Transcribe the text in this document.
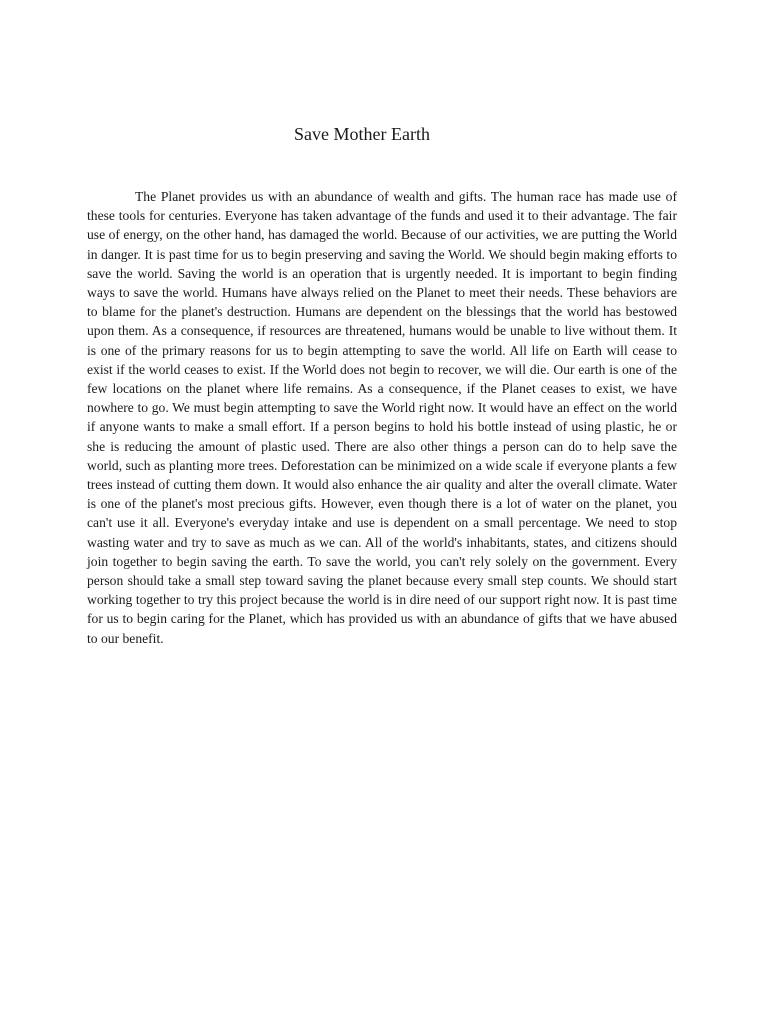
Save Mother Earth

The Planet provides us with an abundance of wealth and gifts. The human race has made use of these tools for centuries. Everyone has taken advantage of the funds and used it to their advantage. The fair use of energy, on the other hand, has damaged the world. Because of our activities, we are putting the World in danger. It is past time for us to begin preserving and saving the World. We should begin making efforts to save the world. Saving the world is an operation that is urgently needed. It is important to begin finding ways to save the world. Humans have always relied on the Planet to meet their needs. These behaviors are to blame for the planet's destruction. Humans are dependent on the blessings that the world has bestowed upon them. As a consequence, if resources are threatened, humans would be unable to live without them. It is one of the primary reasons for us to begin attempting to save the world. All life on Earth will cease to exist if the world ceases to exist. If the World does not begin to recover, we will die. Our earth is one of the few locations on the planet where life remains. As a consequence, if the Planet ceases to exist, we have nowhere to go. We must begin attempting to save the World right now. It would have an effect on the world if anyone wants to make a small effort. If a person begins to hold his bottle instead of using plastic, he or she is reducing the amount of plastic used. There are also other things a person can do to help save the world, such as planting more trees. Deforestation can be minimized on a wide scale if everyone plants a few trees instead of cutting them down. It would also enhance the air quality and alter the overall climate. Water is one of the planet's most precious gifts. However, even though there is a lot of water on the planet, you can't use it all. Everyone's everyday intake and use is dependent on a small percentage. We need to stop wasting water and try to save as much as we can. All of the world's inhabitants, states, and citizens should join together to begin saving the earth. To save the world, you can't rely solely on the government. Every person should take a small step toward saving the planet because every small step counts. We should start working together to try this project because the world is in dire need of our support right now. It is past time for us to begin caring for the Planet, which has provided us with an abundance of gifts that we have abused to our benefit.
